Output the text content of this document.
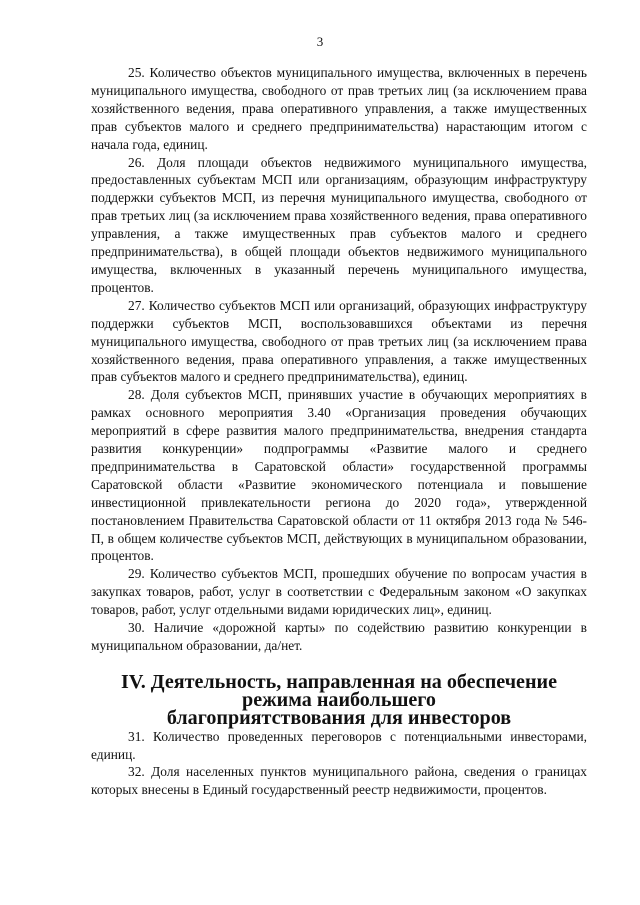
3

25. Количество объектов муниципального имущества, включенных в перечень муниципального имущества, свободного от прав третьих лиц (за исключением права хозяйственного ведения, права оперативного управления, а также имущественных прав субъектов малого и среднего предпринимательства) нарастающим итогом с начала года, единиц.

26. Доля площади объектов недвижимого муниципального имущества, предоставленных субъектам МСП или организациям, образующим инфраструктуру поддержки субъектов МСП, из перечня муниципального имущества, свободного от прав третьих лиц (за исключением права хозяйственного ведения, права оперативного управления, а также имущественных прав субъектов малого и среднего предпринимательства), в общей площади объектов недвижимого муниципального имущества, включенных в указанный перечень муниципального имущества, процентов.

27. Количество субъектов МСП или организаций, образующих инфраструктуру поддержки субъектов МСП, воспользовавшихся объектами из перечня муниципального имущества, свободного от прав третьих лиц (за исключением права хозяйственного ведения, права оперативного управления, а также имущественных прав субъектов малого и среднего предпринимательства), единиц.

28. Доля субъектов МСП, принявших участие в обучающих мероприятиях в рамках основного мероприятия 3.40 «Организация проведения обучающих мероприятий в сфере развития малого предпринимательства, внедрения стандарта развития конкуренции» подпрограммы «Развитие малого и среднего предпринимательства в Саратовской области» государственной программы Саратовской области «Развитие экономического потенциала и повышение инвестиционной привлекательности региона до 2020 года», утвержденной постановлением Правительства Саратовской области от 11 октября 2013 года № 546-П, в общем количестве субъектов МСП, действующих в муниципальном образовании, процентов.

29. Количество субъектов МСП, прошедших обучение по вопросам участия в закупках товаров, работ, услуг в соответствии с Федеральным законом «О закупках товаров, работ, услуг отдельными видами юридических лиц», единиц.

30. Наличие «дорожной карты» по содействию развитию конкуренции в муниципальном образовании, да/нет.

IV. Деятельность, направленная на обеспечение режима наибольшего
благоприятствования для инвесторов

31. Количество проведенных переговоров с потенциальными инвесторами, единиц.

32. Доля населенных пунктов муниципального района, сведения о границах которых внесены в Единый государственный реестр недвижимости, процентов.
